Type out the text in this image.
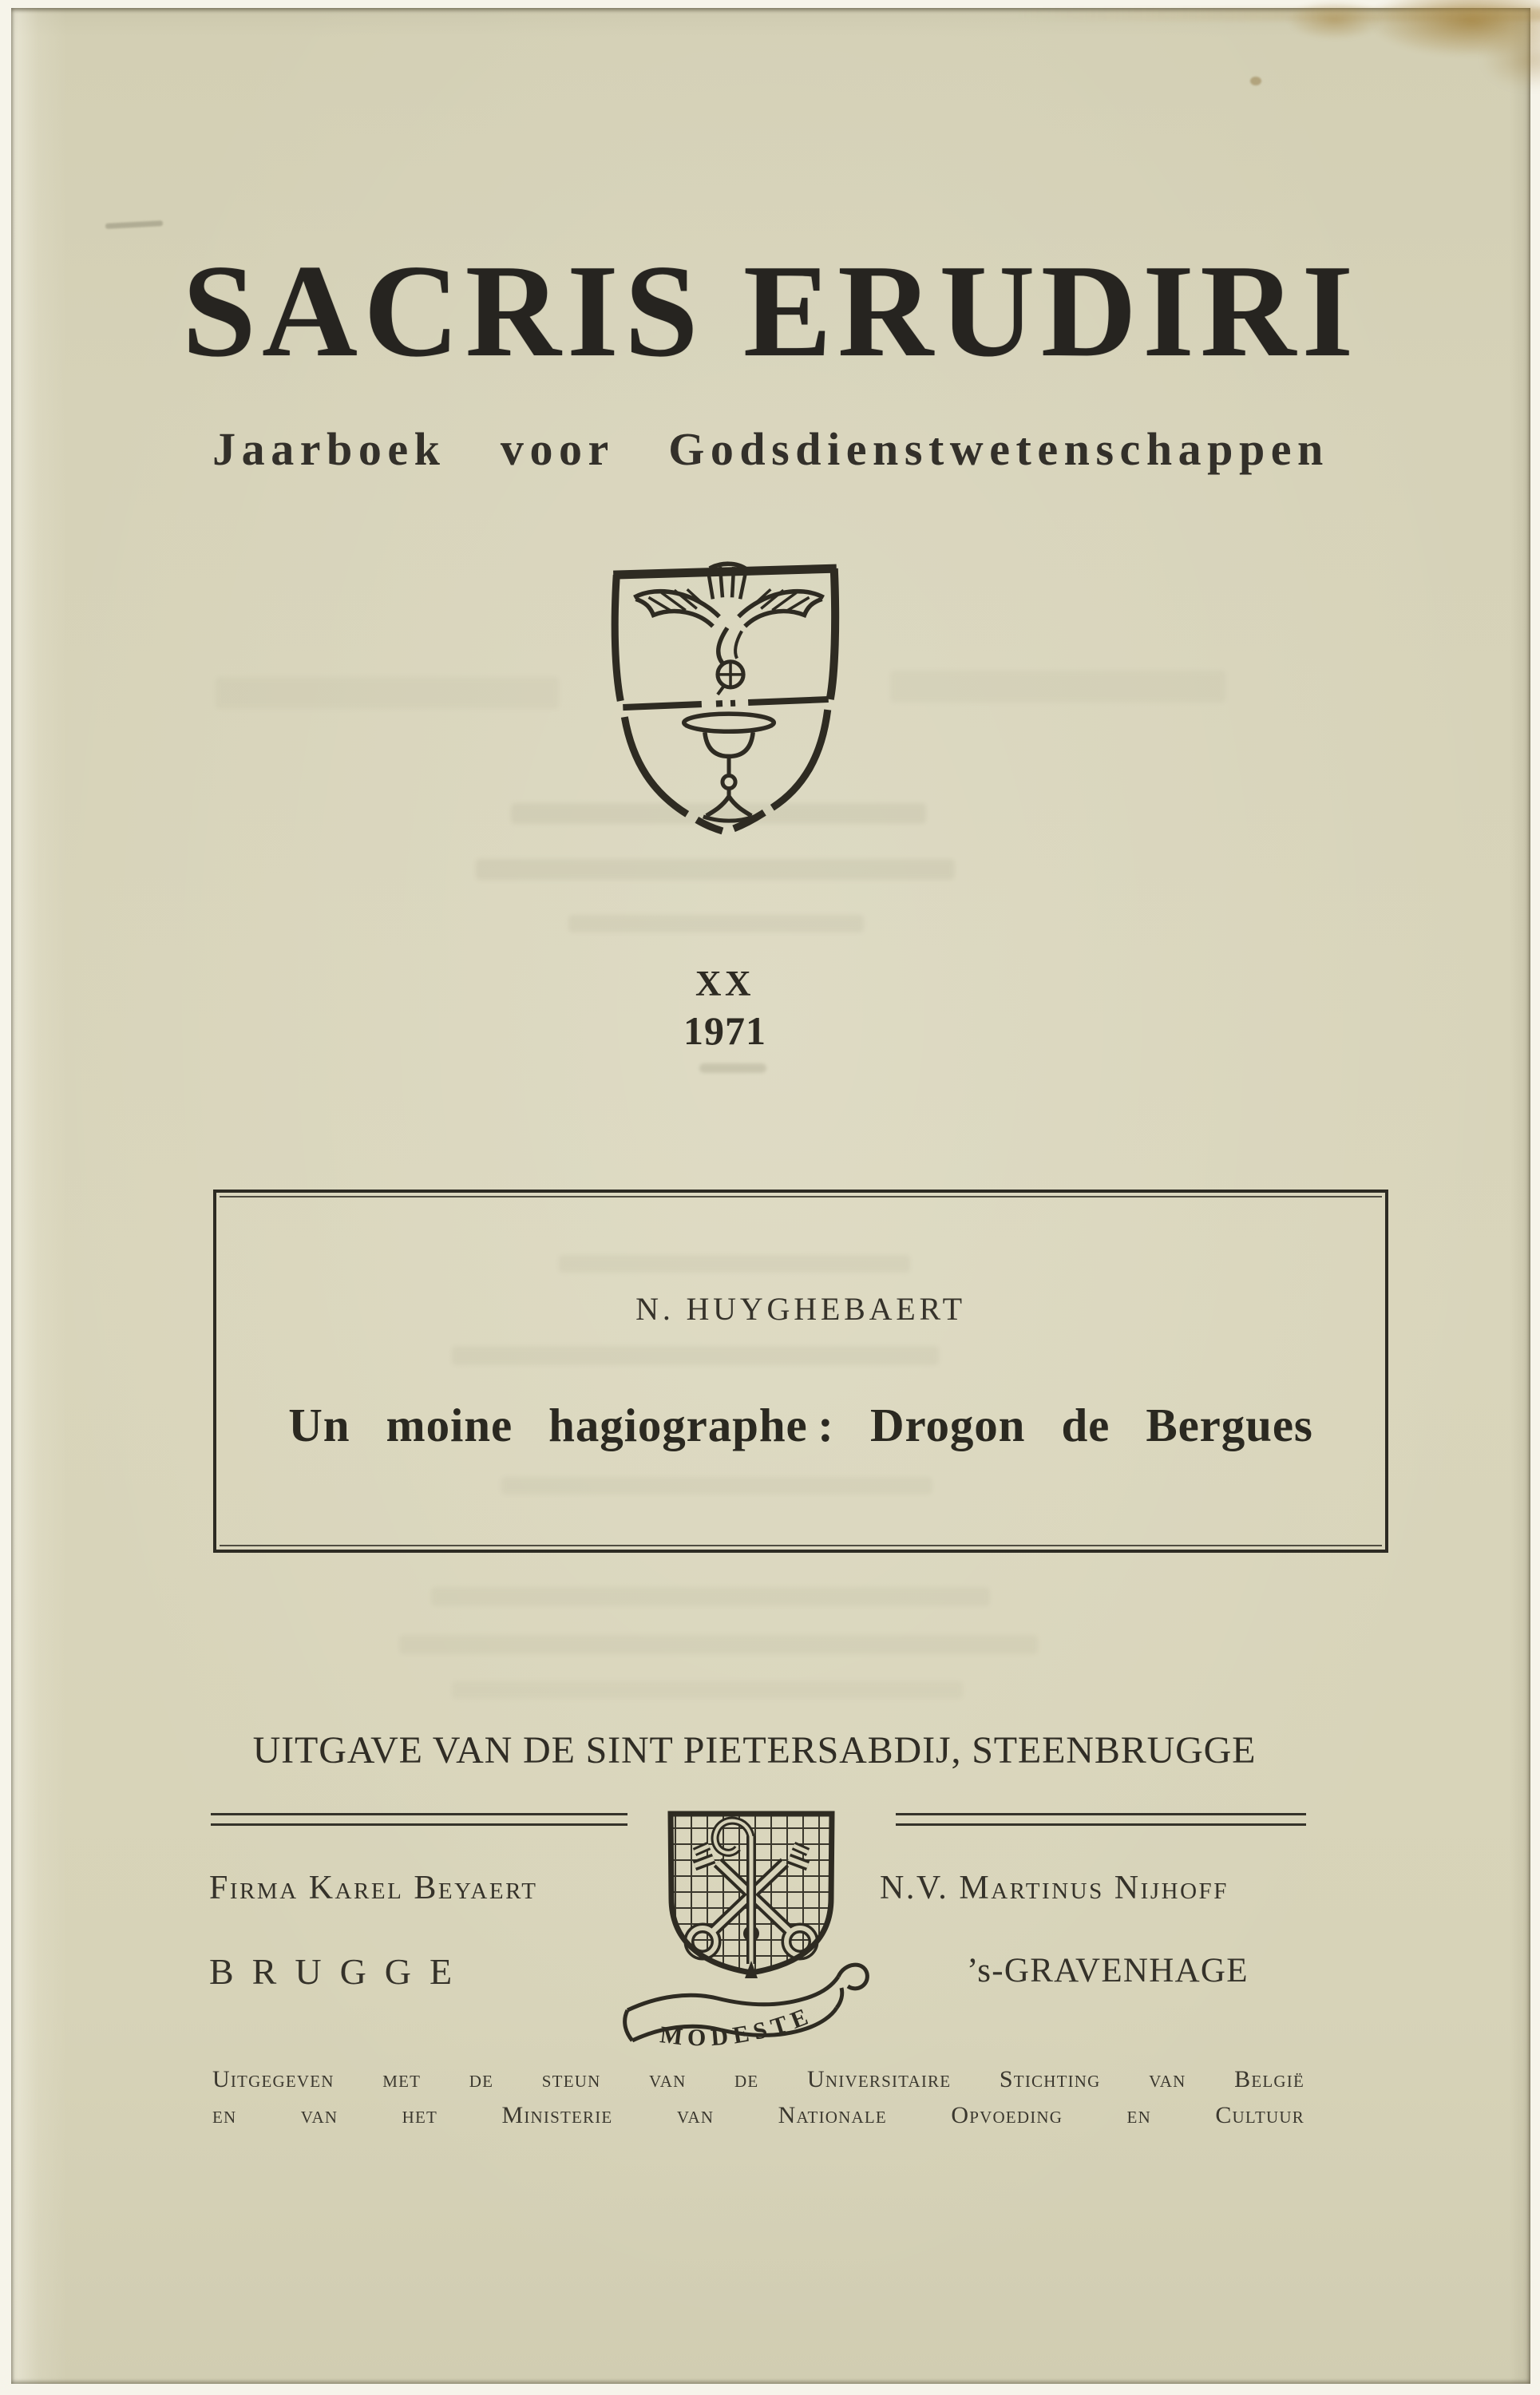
SACRIS ERUDIRI
Jaarboek voor Godsdienstwetenschappen
XX
1971
N. HUYGHEBAERT
Un moine hagiographe : Drogon de Bergues
UITGAVE VAN DE SINT PIETERSABDIJ, STEENBRUGGE
MODESTE
Firma Karel Beyaert	N.V. Martinus Nijhoff
BRUGGE	’s-GRAVENHAGE
Uitgegeven met de steun van de Universitaire Stichting van België
en van het Ministerie van Nationale Opvoeding en Cultuur
